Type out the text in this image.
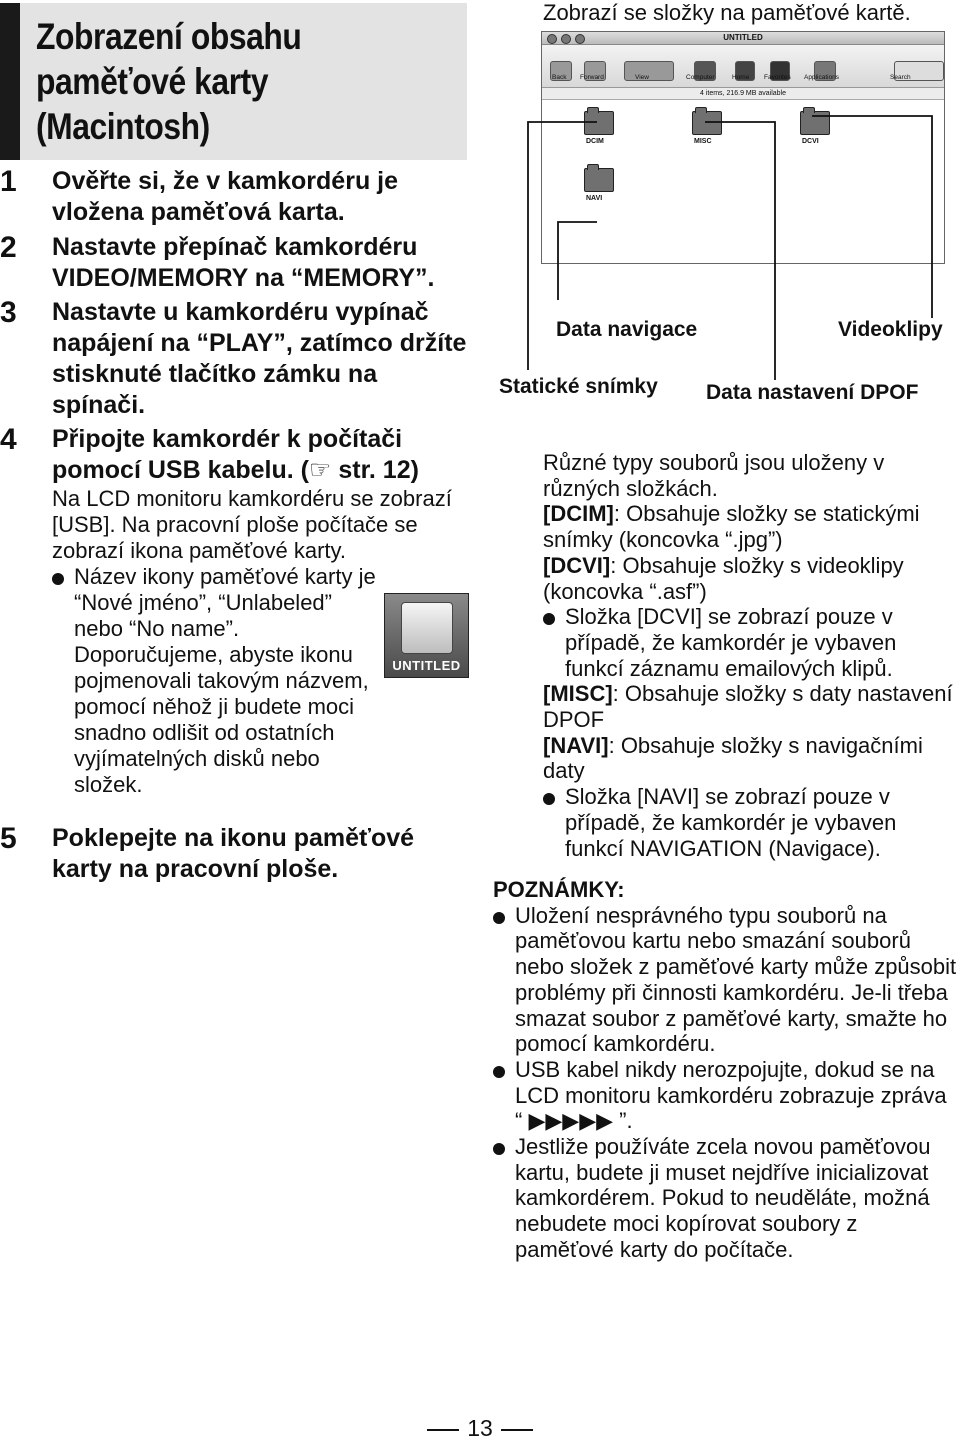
Zobrazení obsahu paměťové karty (Macintosh)
1 Ověřte si, že v kamkordéru je vložena paměťová karta.
2 Nastavte přepínač kamkordéru VIDEO/MEMORY na “MEMORY”.
3 Nastavte u kamkordéru vypínač napájení na “PLAY”, zatímco držíte stisknuté tlačítko zámku na spínači.
4 Připojte kamkordér k počítači pomocí USB kabelu. (☞ str. 12)
Na LCD monitoru kamkordéru se zobrazí [USB]. Na pracovní ploše počítače se zobrazí ikona paměťové karty.
Název ikony paměťové karty je “Nové jméno”, “Unlabeled” nebo “No name”. Doporučujeme, abyste ikonu pojmenovali takovým názvem, pomocí něhož ji budete moci snadno odlišit od ostatních vyjímatelných disků nebo složek.
5 Poklepejte na ikonu paměťové karty na pracovní ploše.
UNTITLED
Zobrazí se složky na paměťové kartě.
UNTITLED
Back Forward	View	Computer	Home Favorites Applications	Search
4 items, 216.9 MB available
DCIM	MISC	DCVI
NAVI
Data navigace	Videoklipy
Statické snímky Data nastavení DPOF
Různé typy souborů jsou uloženy v různých složkách.
[DCIM]: Obsahuje složky se statickými snímky (koncovka “.jpg”)
[DCVI]: Obsahuje složky s videoklipy (koncovka “.asf”)
Složka [DCVI] se zobrazí pouze v případě, že kamkordér je vybaven funkcí záznamu emailových klipů.
[MISC]: Obsahuje složky s daty nastavení DPOF
[NAVI]: Obsahuje složky s navigačními daty
Složka [NAVI] se zobrazí pouze v případě, že kamkordér je vybaven funkcí NAVIGATION (Navigace).
POZNÁMKY:
Uložení nesprávného typu souborů na paměťovou kartu nebo smazání souborů nebo složek z paměťové karty může způsobit problémy při činnosti kamkordéru. Je-li třeba smazat soubor z paměťové karty, smažte ho pomocí kamkordéru.
USB kabel nikdy nerozpojujte, dokud se na LCD monitoru kamkordéru zobrazuje zpráva “ ▶▶▶▶▶ ”.
Jestliže používáte zcela novou paměťovou kartu, budete ji muset nejdříve inicializovat kamkordérem. Pokud to neuděláte, možná nebudete moci kopírovat soubory z paměťové karty do počítače.
13
